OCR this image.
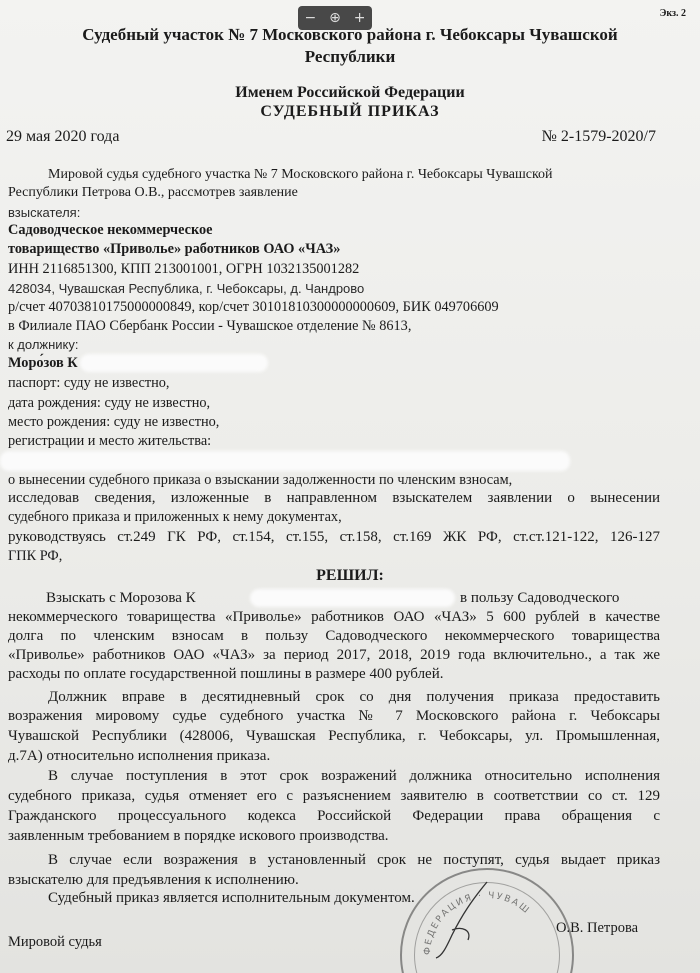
Экз. 2
− ⊕ +
Судебный участок № 7 Московского района г. Чебоксары Чувашской
Республики
Именем Российской Федерации
СУДЕБНЫЙ ПРИКАЗ
29 мая 2020 года	№ 2-1579-2020/7
Мировой судья судебного участка № 7 Московского района г. Чебоксары Чувашской
Республики Петрова О.В., рассмотрев заявление
взыскателя:
Садоводческое некоммерческое
товарищество «Привольe» работников ОАО «ЧАЗ»
ИНН 2116851300, КПП 213001001, ОГРН 1032135001282
428034, Чувашская Республика, г. Чебоксары, д. Чандрово
р/счет 40703810175000000849, кор/счет 30101810300000000609, БИК 049706609
в Филиале ПАО Сбербанк России - Чувашское отделение № 8613,
к должнику:
Моро́зов К
паспорт: суду не известно,
дата рождения: суду не известно,
место рождения: суду не известно,
регистрации и место жительства:
о вынесении судебного приказа о взыскании задолженности по членским взносам,
исследовав сведения, изложенные в направленном взыскателем заявлении о вынесении
судебного приказа и приложенных к нему документах,
руководствуясь ст.249 ГК РФ, ст.154, ст.155, ст.158, ст.169 ЖК РФ, ст.ст.121-122, 126-127
ГПК РФ,
РЕШИЛ:
Взыскать с Морозова К	в пользу Садоводческого
некоммерческого товарищества «Привольe» работников ОАО «ЧАЗ» 5 600 рублей в качестве
долга по членским взносам в пользу Садоводческого некоммерческого товарищества
«Привольe» работников ОАО «ЧАЗ» за период 2017, 2018, 2019 года включительно., а так же
расходы по оплате государственной пошлины в размере 400 рублей.
Должник вправе в десятидневный срок со дня получения приказа предоставить
возражения мировому судье судебного участка № 7 Московского района г. Чебоксары
Чувашской Республики (428006, Чувашская Республика, г. Чебоксары, ул. Промышленная,
д.7А) относительно исполнения приказа.
В случае поступления в этот срок возражений должника относительно исполнения
судебного приказа, судья отменяет его с разъяснением заявителю в соответствии со ст. 129
Гражданского процессуального кодекса Российской Федерации права обращения с
заявленным требованием в порядке искового производства.
В случае если возражения в установленный срок не поступят, судья выдает приказ
взыскателю для предъявления к исполнению.
Судебный приказ является исполнительным документом.
ФЕДЕРАЦИЯ · ЧУВАШ
Мировой судья
О.В. Петрова
